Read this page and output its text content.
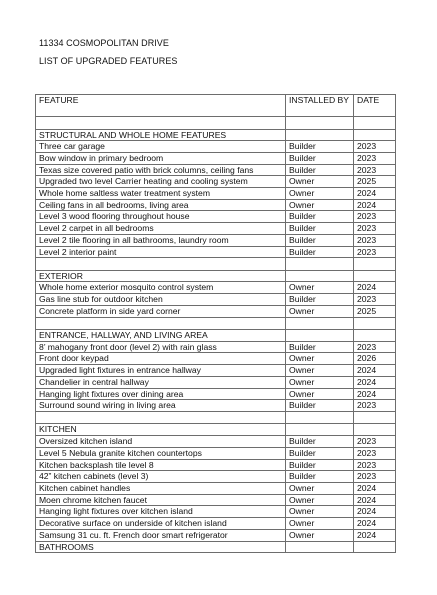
11334 COSMOPOLITAN DRIVE
LIST OF UPGRADED FEATURES
FEATURE	INSTALLED BY	DATE

STRUCTURAL AND WHOLE HOME FEATURES		
Three car garage	Builder	2023
Bow window in primary bedroom	Builder	2023
Texas size covered patio with brick columns, ceiling fans	Builder	2023
Upgraded two level Carrier heating and cooling system	Owner	2025
Whole home saltless water treatment system	Owner	2024
Ceiling fans in all bedrooms, living area	Owner	2024
Level 3 wood flooring throughout house	Builder	2023
Level 2 carpet in all bedrooms	Builder	2023
Level 2 tile flooring in all bathrooms, laundry room	Builder	2023
Level 2 interior paint	Builder	2023

EXTERIOR		
Whole home exterior mosquito control system	Owner	2024
Gas line stub for outdoor kitchen	Builder	2023
Concrete platform in side yard corner	Owner	2025

ENTRANCE, HALLWAY, AND LIVING AREA		
8’ mahogany front door (level 2) with rain glass	Builder	2023
Front door keypad	Owner	2026
Upgraded light fixtures in entrance hallway	Owner	2024
Chandelier in central hallway	Owner	2024
Hanging light fixtures over dining area	Owner	2024
Surround sound wiring in living area	Builder	2023

KITCHEN		
Oversized kitchen island	Builder	2023
Level 5 Nebula granite kitchen countertops	Builder	2023
Kitchen backsplash tile level 8	Builder	2023
42” kitchen cabinets (level 3)	Builder	2023
Kitchen cabinet handles	Owner	2024
Moen chrome kitchen faucet	Owner	2024
Hanging light fixtures over kitchen island	Owner	2024
Decorative surface on underside of kitchen island	Owner	2024
Samsung 31 cu. ft. French door smart refrigerator	Owner	2024
BATHROOMS		
